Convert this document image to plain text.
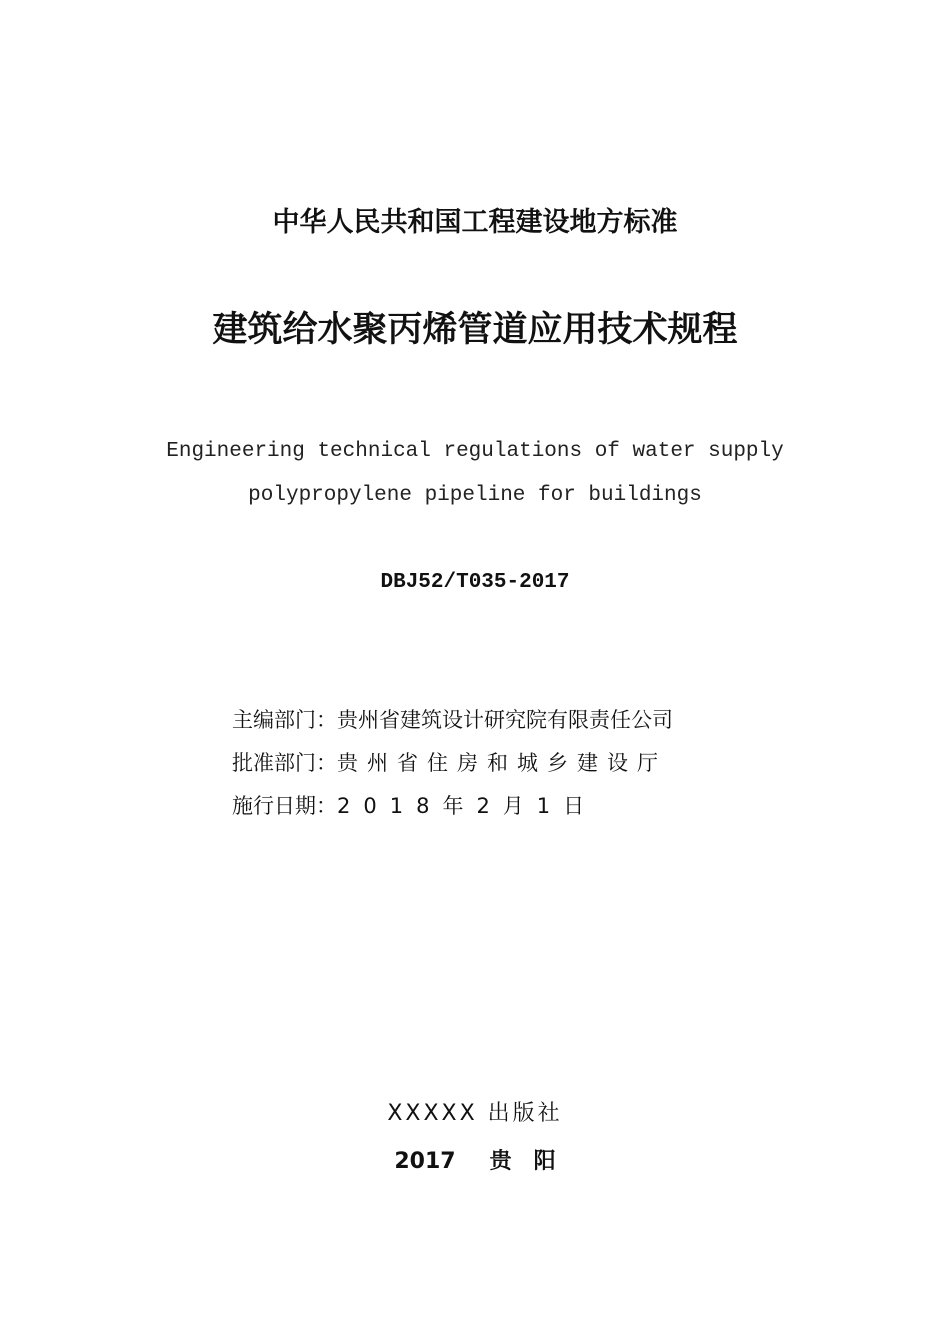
中华人民共和国工程建设地方标准
建筑给水聚丙烯管道应用技术规程
Engineering technical regulations of water supply
polypropylene pipeline for buildings
DBJ52/T035-2017
主编部门：贵州省建筑设计研究院有限责任公司
批准部门：贵州省住房和城乡建设厅
施行日期：2018年2月1日
XXXXX 出版社
2017 贵 阳
